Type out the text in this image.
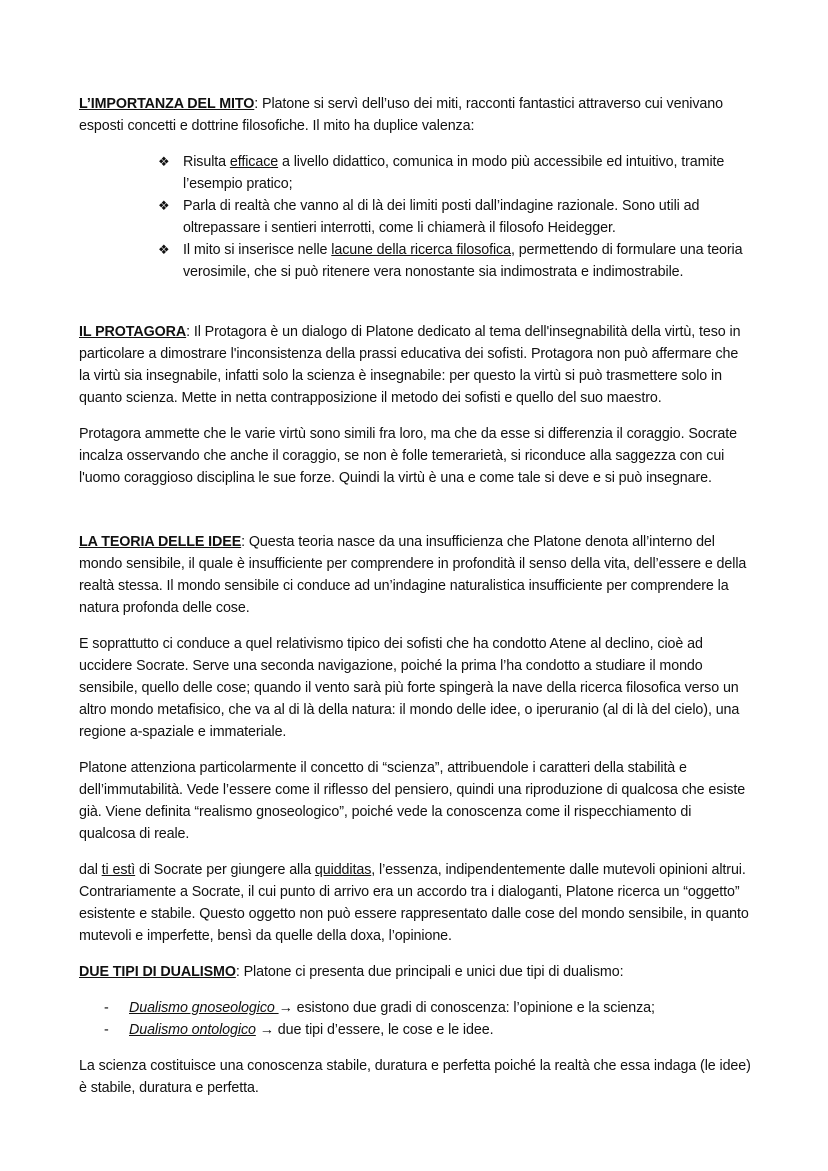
L’IMPORTANZA DEL MITO: Platone si servì dell’uso dei miti, racconti fantastici attraverso cui venivano esposti concetti e dottrine filosofiche. Il mito ha duplice valenza:

❖ Risulta efficace a livello didattico, comunica in modo più accessibile ed intuitivo, tramite l’esempio pratico;
❖ Parla di realtà che vanno al di là dei limiti posti dall’indagine razionale. Sono utili ad oltrepassare i sentieri interrotti, come li chiamerà il filosofo Heidegger.
❖ Il mito si inserisce nelle lacune della ricerca filosofica, permettendo di formulare una teoria verosimile, che si può ritenere vera nonostante sia indimostrata e indimostrabile.

IL PROTAGORA: Il Protagora è un dialogo di Platone dedicato al tema dell'insegnabilità della virtù, teso in particolare a dimostrare l'inconsistenza della prassi educativa dei sofisti. Protagora non può affermare che la virtù sia insegnabile, infatti solo la scienza è insegnabile: per questo la virtù si può trasmettere solo in quanto scienza. Mette in netta contrapposizione il metodo dei sofisti e quello del suo maestro.

Protagora ammette che le varie virtù sono simili fra loro, ma che da esse si differenzia il coraggio. Socrate incalza osservando che anche il coraggio, se non è folle temerarietà, si riconduce alla saggezza con cui l'uomo coraggioso disciplina le sue forze. Quindi la virtù è una e come tale si deve e si può insegnare.

LA TEORIA DELLE IDEE: Questa teoria nasce da una insufficienza che Platone denota all’interno del mondo sensibile, il quale è insufficiente per comprendere in profondità il senso della vita, dell’essere e della realtà stessa. Il mondo sensibile ci conduce ad un’indagine naturalistica insufficiente per comprendere la natura profonda delle cose.

E soprattutto ci conduce a quel relativismo tipico dei sofisti che ha condotto Atene al declino, cioè ad uccidere Socrate. Serve una seconda navigazione, poiché la prima l’ha condotto a studiare il mondo sensibile, quello delle cose; quando il vento sarà più forte spingerà la nave della ricerca filosofica verso un altro mondo metafisico, che va al di là della natura: il mondo delle idee, o iperuranio (al di là del cielo), una regione a-spaziale e immateriale.

Platone attenziona particolarmente il concetto di “scienza”, attribuendole i caratteri della stabilità e dell’immutabilità. Vede l’essere come il riflesso del pensiero, quindi una riproduzione di qualcosa che esiste già. Viene definita “realismo gnoseologico”, poiché vede la conoscenza come il rispecchiamento di qualcosa di reale.

dal ti estì di Socrate per giungere alla quidditas, l’essenza, indipendentemente dalle mutevoli opinioni altrui. Contrariamente a Socrate, il cui punto di arrivo era un accordo tra i dialoganti, Platone ricerca un “oggetto” esistente e stabile. Questo oggetto non può essere rappresentato dalle cose del mondo sensibile, in quanto mutevoli e imperfette, bensì da quelle della doxa, l’opinione.

DUE TIPI DI DUALISMO: Platone ci presenta due principali e unici due tipi di dualismo:

- Dualismo gnoseologico → esistono due gradi di conoscenza: l’opinione e la scienza;
- Dualismo ontologico → due tipi d’essere, le cose e le idee.

La scienza costituisce una conoscenza stabile, duratura e perfetta poiché la realtà che essa indaga (le idee) è stabile, duratura e perfetta.
